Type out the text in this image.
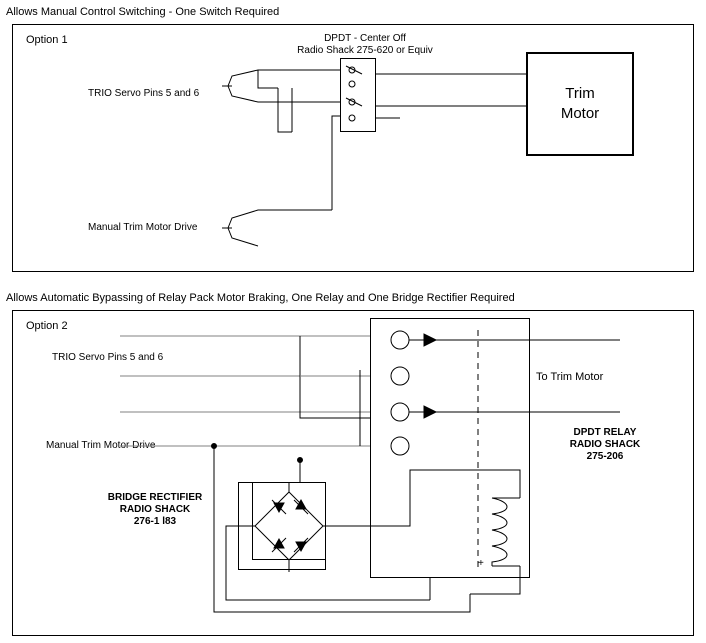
Allows Manual Control Switching - One Switch Required
Option 1	DPDT - Center Off
Radio Shack 275-620 or Equiv
TRIO Servo Pins 5 and 6
Manual Trim Motor Drive
Trim
Motor
Allows Automatic Bypassing of Relay Pack Motor Braking, One Relay and One Bridge Rectifier Required
Option 2
TRIO Servo Pins 5 and 6
Manual Trim Motor Drive
To Trim Motor
BRIDGE RECTIFIER
RADIO SHACK
276-1 l83
DPDT RELAY
RADIO SHACK
275-206
+
